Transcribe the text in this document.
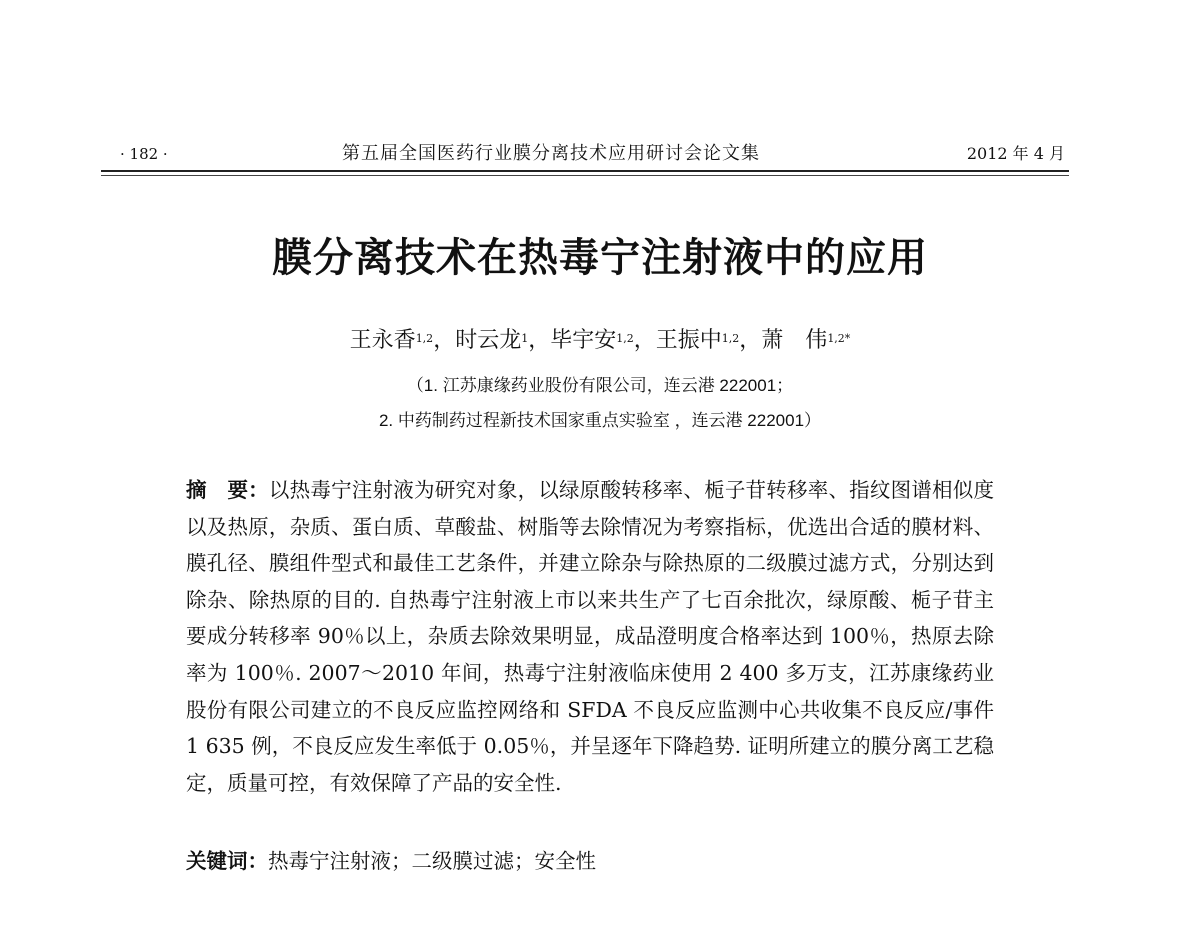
· 182 ·	第五届全国医药行业膜分离技术应用研讨会论文集	2012 年 4 月
膜分离技术在热毒宁注射液中的应用
王永香$^{1,2}$，时云龙$^1$，毕宇安$^{1,2}$，王振中$^{1,2}$，萧　伟$^{1,2*}$
（1. 江苏康缘药业股份有限公司，连云港 222001；
2. 中药制药过程新技术国家重点实验室 ，连云港 222001）
摘　要：以热毒宁注射液为研究对象，以绿原酸转移率、栀子苷转移率、指纹图谱相似度以及热原，杂质、蛋白质、草酸盐、树脂等去除情况为考察指标，优选出合适的膜材料、膜孔径、膜组件型式和最佳工艺条件，并建立除杂与除热原的二级膜过滤方式，分别达到除杂、除热原的目的. 自热毒宁注射液上市以来共生产了七百余批次，绿原酸、栀子苷主要成分转移率 90％以上，杂质去除效果明显，成品澄明度合格率达到 100％，热原去除率为 100％. 2007～2010 年间，热毒宁注射液临床使用 2 400 多万支，江苏康缘药业股份有限公司建立的不良反应监控网络和 SFDA 不良反应监测中心共收集不良反应/事件 1 635 例，不良反应发生率低于 0.05％，并呈逐年下降趋势. 证明所建立的膜分离工艺稳定，质量可控，有效保障了产品的安全性.
关键词：热毒宁注射液；二级膜过滤；安全性
